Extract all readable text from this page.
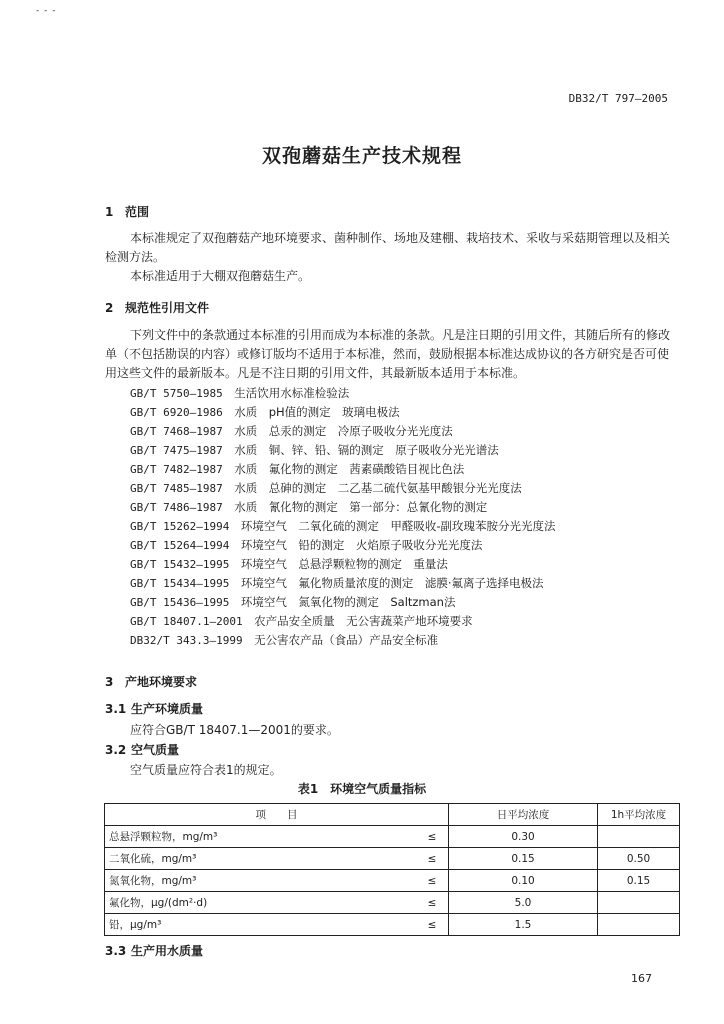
- - -
DB32/T 797—2005
双孢蘑菇生产技术规程
1 范围
本标准规定了双孢蘑菇产地环境要求、菌种制作、场地及建棚、栽培技术、采收与采菇期管理以及相关检测方法。
本标准适用于大棚双孢蘑菇生产。
2 规范性引用文件
下列文件中的条款通过本标准的引用而成为本标准的条款。凡是注日期的引用文件，其随后所有的修改单（不包括勘误的内容）或修订版均不适用于本标准，然而，鼓励根据本标准达成协议的各方研究是否可使用这些文件的最新版本。凡是不注日期的引用文件，其最新版本适用于本标准。
GB/T 5750—1985　 生活饮用水标准检验法
GB/T 6920—1986　 水质　pH值的测定　玻璃电极法
GB/T 7468—1987　 水质　总汞的测定　冷原子吸收分光光度法
GB/T 7475—1987　 水质　铜、锌、铅、镉的测定　原子吸收分光光谱法
GB/T 7482—1987　 水质　氟化物的测定　茜素磺酸锆目视比色法
GB/T 7485—1987　 水质　总砷的测定　二乙基二硫代氨基甲酸银分光光度法
GB/T 7486—1987　 水质　氰化物的测定　第一部分：总氰化物的测定
GB/T 15262—1994　 环境空气　二氧化硫的测定　甲醛吸收-副玫瑰苯胺分光光度法
GB/T 15264—1994　 环境空气　铅的测定　火焰原子吸收分光光度法
GB/T 15432—1995　 环境空气　总悬浮颗粒物的测定　重量法
GB/T 15434—1995　 环境空气　氟化物质量浓度的测定　滤膜·氟离子选择电极法
GB/T 15436—1995　 环境空气　氮氧化物的测定　Saltzman法
GB/T 18407.1—2001　 农产品安全质量　无公害蔬菜产地环境要求
DB32/T 343.3—1999　 无公害农产品（食品）产品安全标准
3 产地环境要求
3.1 生产环境质量
应符合GB/T 18407.1—2001的要求。
3.2 空气质量
空气质量应符合表1的规定。
表1　环境空气质量指标
项　　目		日平均浓度	1h平均浓度
总悬浮颗粒物，mg/m³	≤	0.30	
二氧化硫，mg/m³	≤	0.15	0.50
氮氧化物，mg/m³	≤	0.10	0.15
氟化物，μg/(dm²·d)	≤	5.0	
铅，μg/m³	≤	1.5	
3.3 生产用水质量
167
